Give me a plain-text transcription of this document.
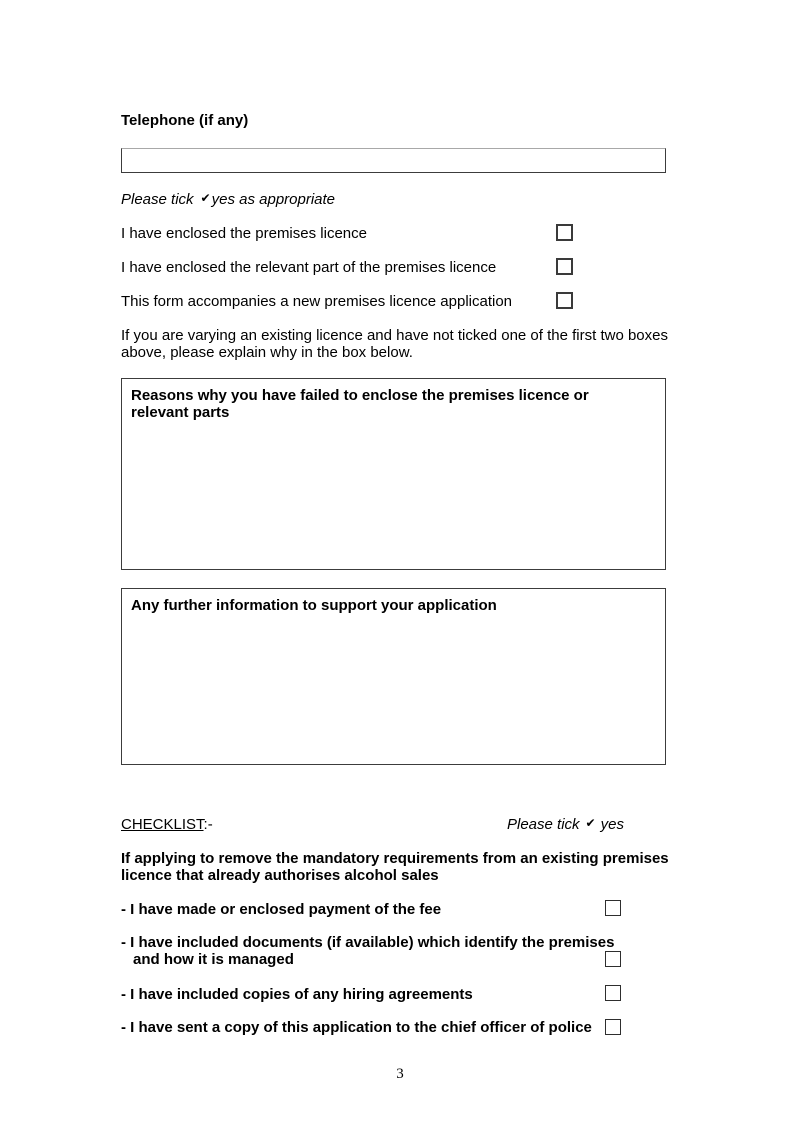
Telephone (if any)
Please tick ✔yes as appropriate
I have enclosed the premises licence
I have enclosed the relevant part of the premises licence
This form accompanies a new premises licence application
If you are varying an existing licence and have not ticked one of the first two boxes above, please explain why in the box below.
Reasons why you have failed to enclose the premises licence or relevant parts
Any further information to support your application
CHECKLIST:-	Please tick ✔ yes
If applying to remove the mandatory requirements from an existing premises licence that already authorises alcohol sales
- I have made or enclosed payment of the fee
- I have included documents (if available) which identify the premises
and how it is managed
- I have included copies of any hiring agreements
- I have sent a copy of this application to the chief officer of police
3
